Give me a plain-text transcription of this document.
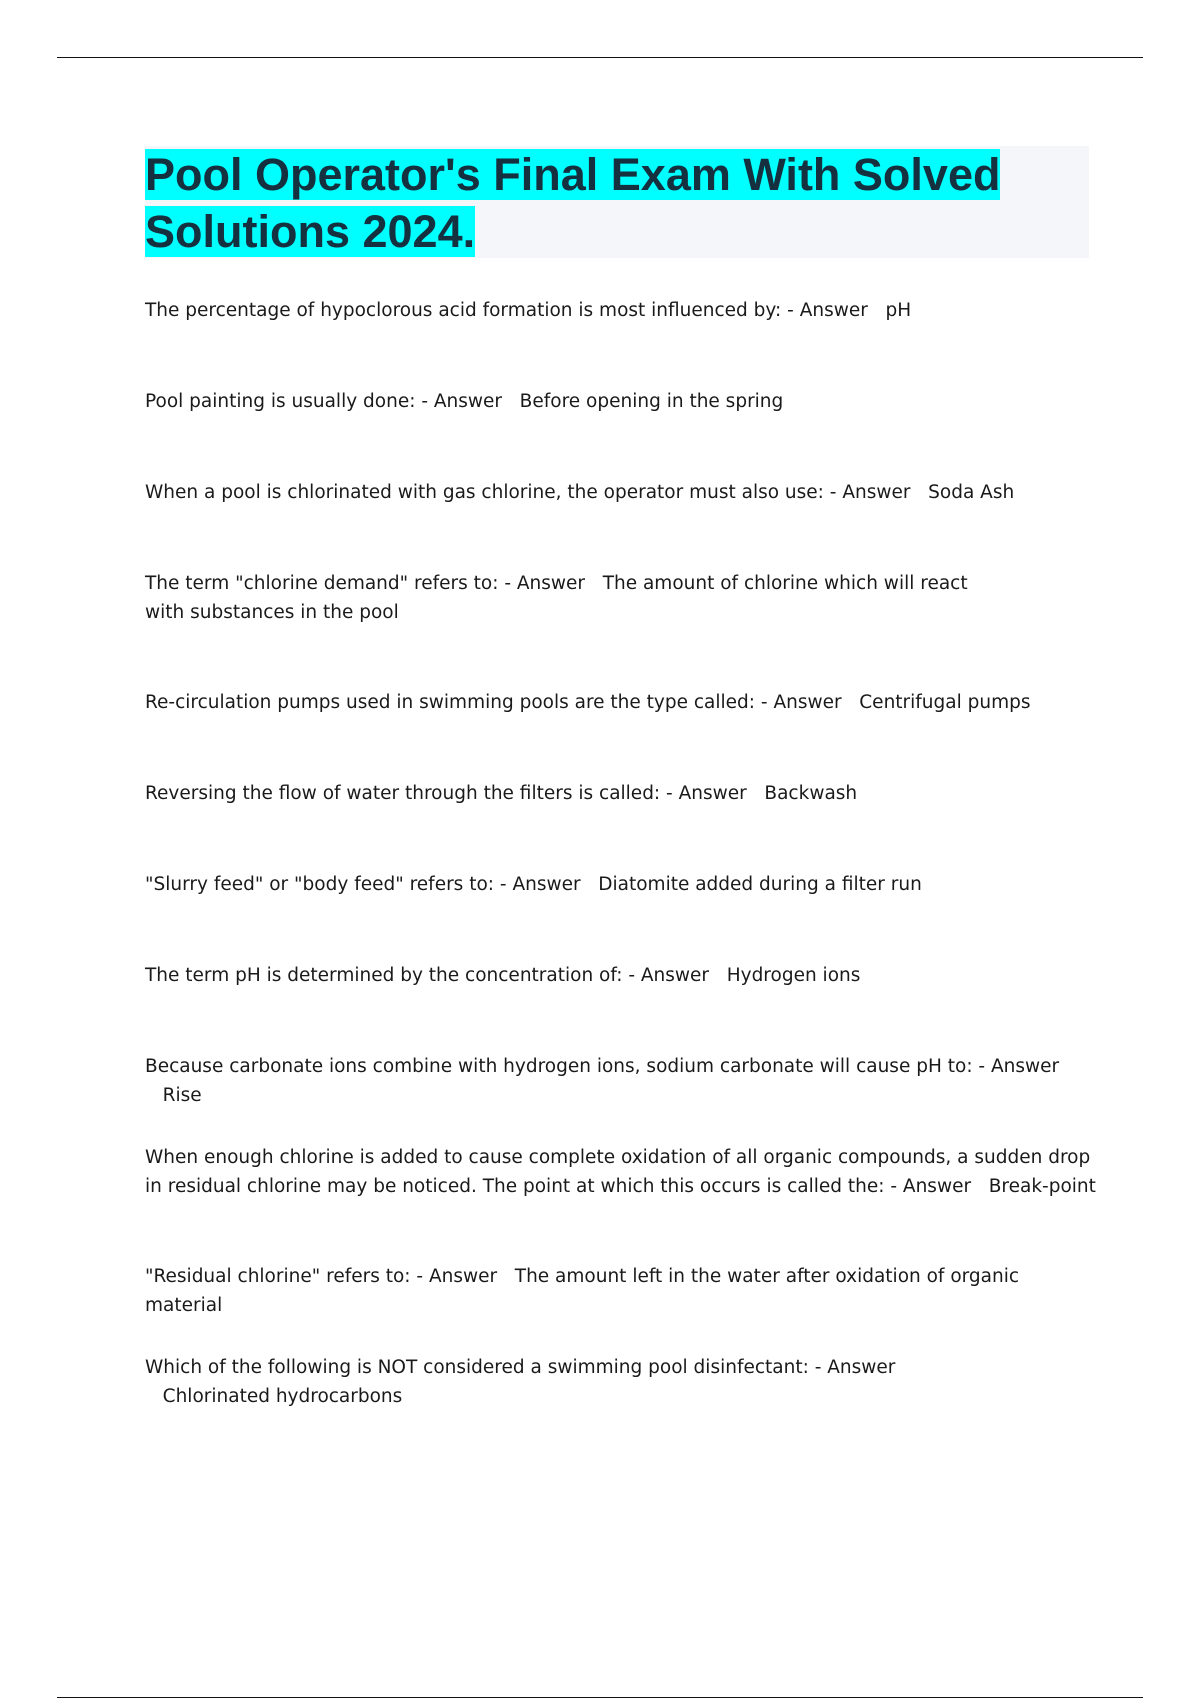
Pool Operator's Final Exam With Solved Solutions 2024.
The percentage of hypoclorous acid formation is most influenced by: - Answer pH
Pool painting is usually done: - Answer Before opening in the spring
When a pool is chlorinated with gas chlorine, the operator must also use: - Answer Soda Ash
The term "chlorine demand" refers to: - Answer The amount of chlorine which will react with substances in the pool
Re-circulation pumps used in swimming pools are the type called: - Answer Centrifugal pumps
Reversing the flow of water through the filters is called: - Answer Backwash
"Slurry feed" or "body feed" refers to: - Answer Diatomite added during a filter run
The term pH is determined by the concentration of: - Answer Hydrogen ions
Because carbonate ions combine with hydrogen ions, sodium carbonate will cause pH to: - Answer   Rise
When enough chlorine is added to cause complete oxidation of all organic compounds, a sudden drop in residual chlorine may be noticed. The point at which this occurs is called the: - Answer Break-point
"Residual chlorine" refers to: - Answer The amount left in the water after oxidation of organic material
Which of the following is NOT considered a swimming pool disinfectant: - Answer   Chlorinated hydrocarbons
